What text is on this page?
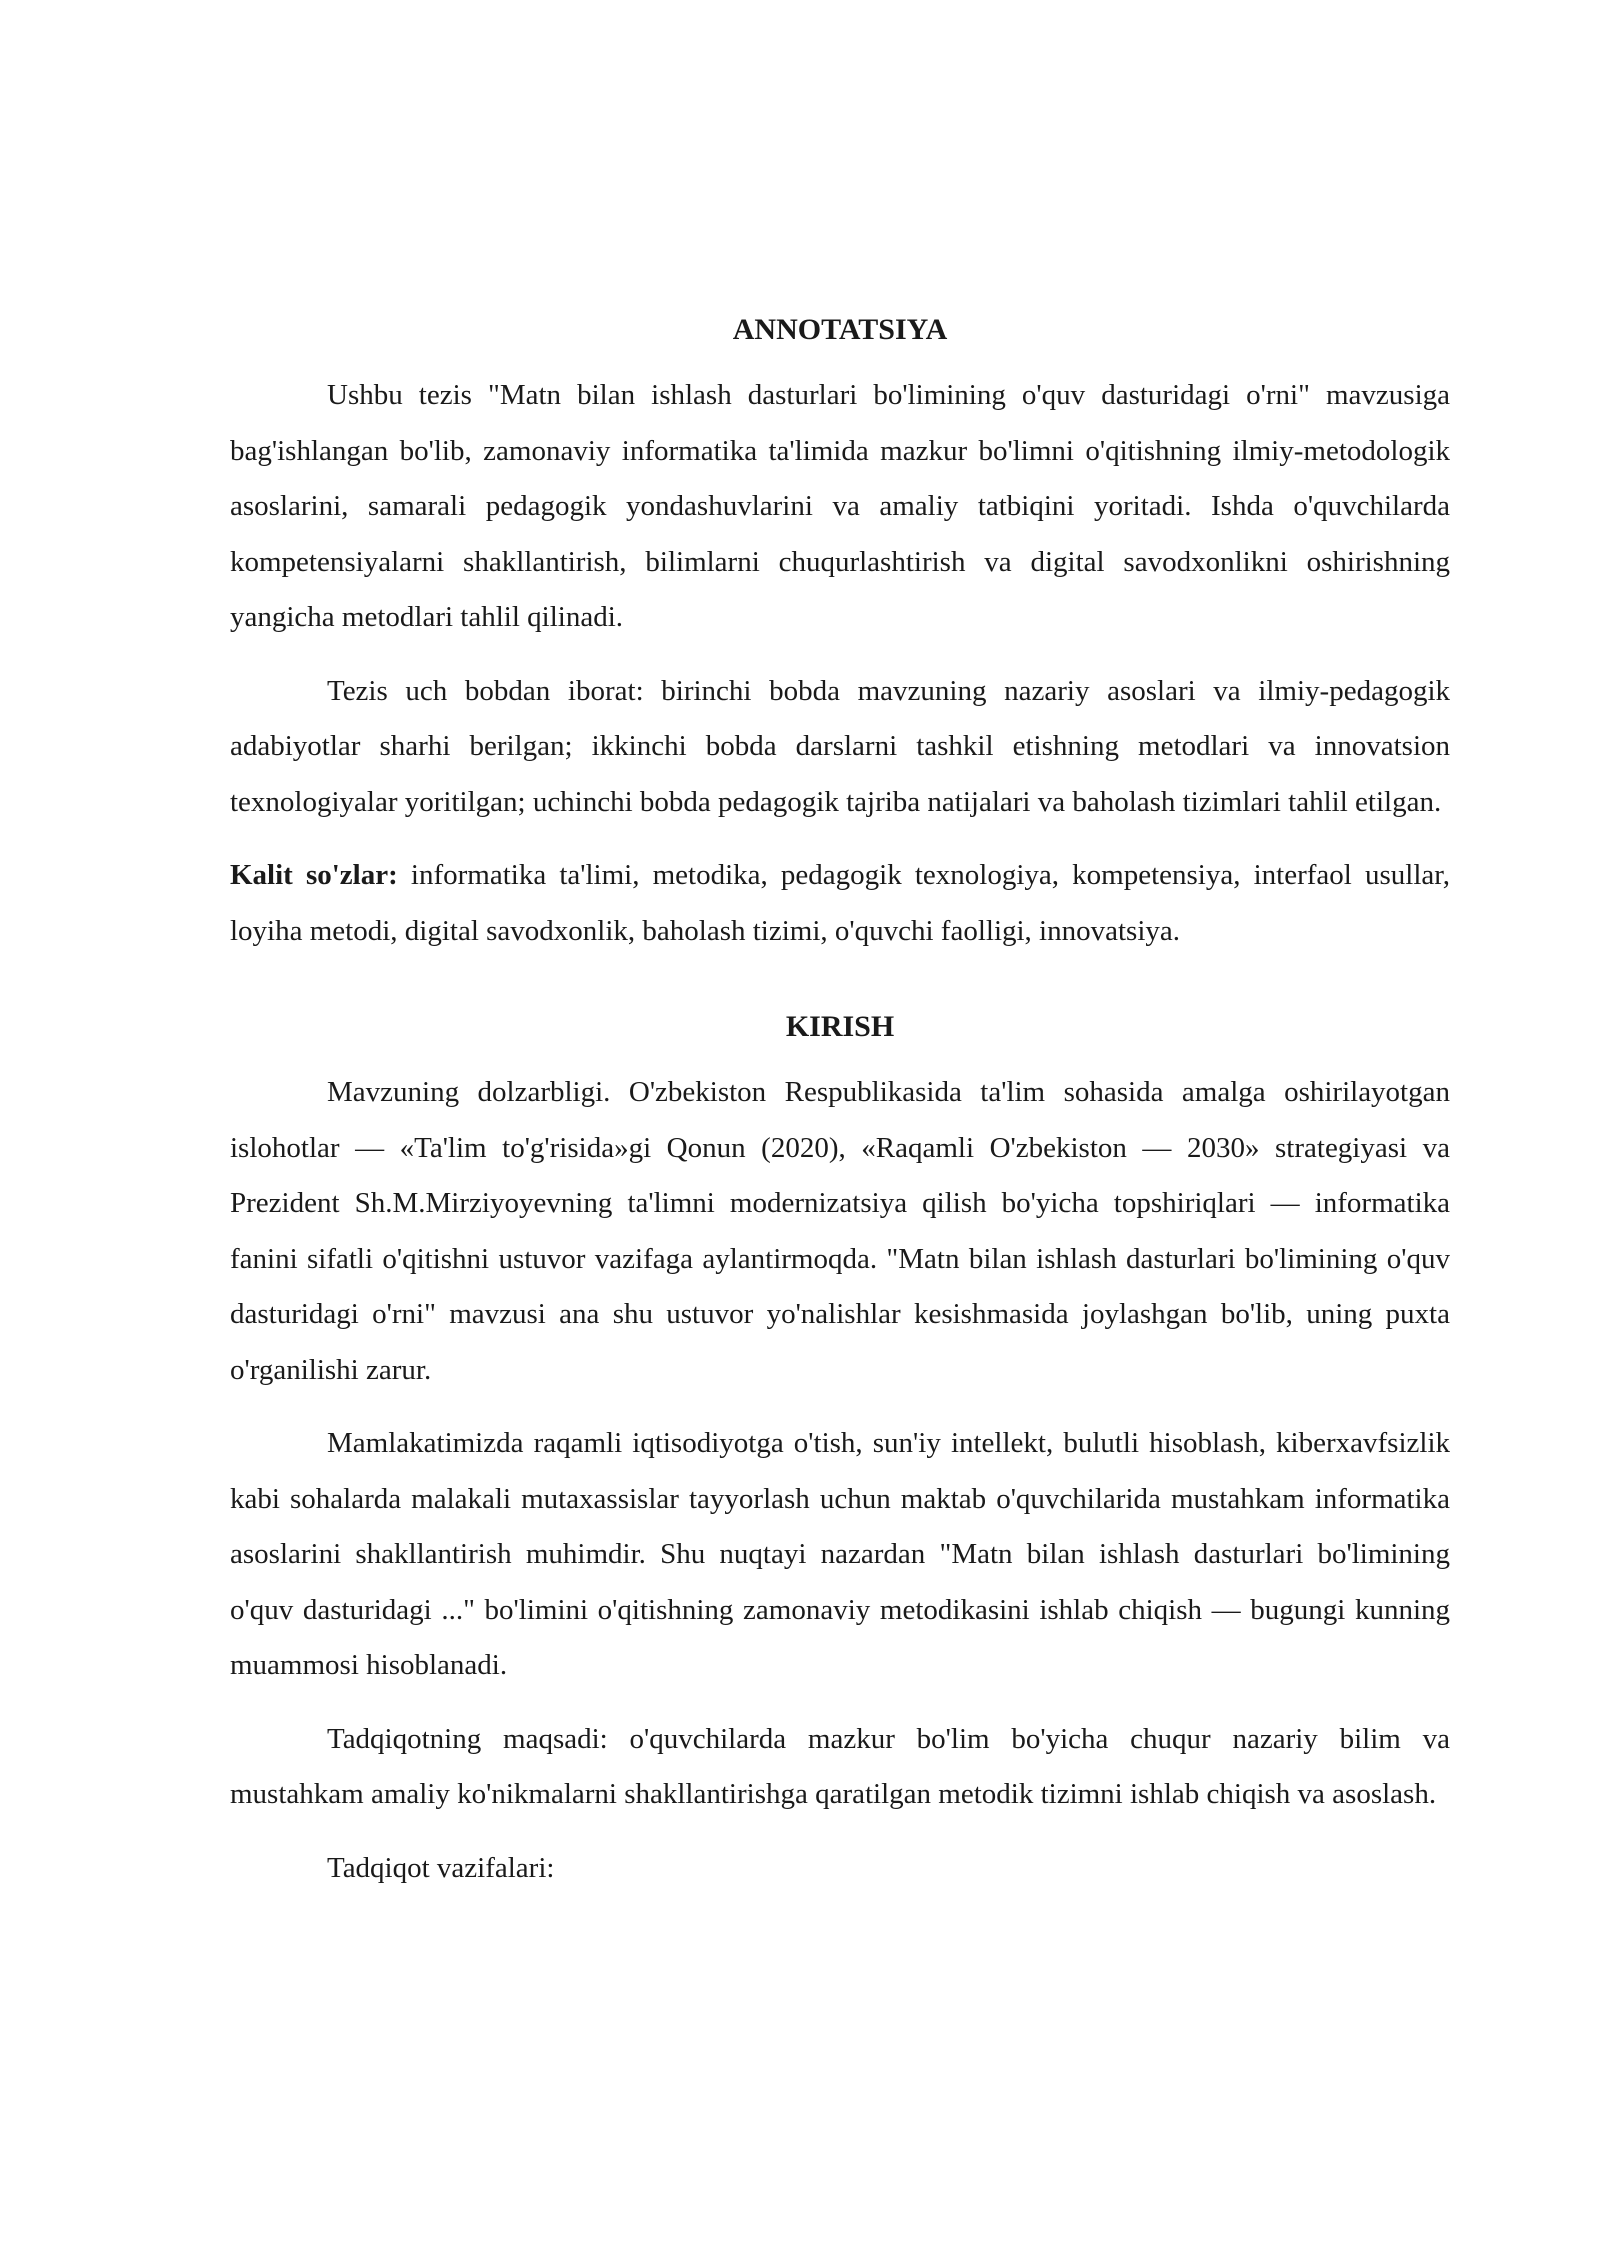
ANNOTATSIYA

Ushbu tezis "Matn bilan ishlash dasturlari bo'limining o'quv dasturidagi o'rni" mavzusiga bag'ishlangan bo'lib, zamonaviy informatika ta'limida mazkur bo'limni o'qitishning ilmiy-metodologik asoslarini, samarali pedagogik yondashuvlarini va amaliy tatbiqini yoritadi. Ishda o'quvchilarda kompetensiyalarni shakllantirish, bilimlarni chuqurlashtirish va digital savodxonlikni oshirishning yangicha metodlari tahlil qilinadi.

Tezis uch bobdan iborat: birinchi bobda mavzuning nazariy asoslari va ilmiy-pedagogik adabiyotlar sharhi berilgan; ikkinchi bobda darslarni tashkil etishning metodlari va innovatsion texnologiyalar yoritilgan; uchinchi bobda pedagogik tajriba natijalari va baholash tizimlari tahlil etilgan.

Kalit so'zlar: informatika ta'limi, metodika, pedagogik texnologiya, kompetensiya, interfaol usullar, loyiha metodi, digital savodxonlik, baholash tizimi, o'quvchi faolligi, innovatsiya.

KIRISH

Mavzuning dolzarbligi. O'zbekiston Respublikasida ta'lim sohasida amalga oshirilayotgan islohotlar — «Ta'lim to'g'risida»gi Qonun (2020), «Raqamli O'zbekiston — 2030» strategiyasi va Prezident Sh.M.Mirziyoyevning ta'limni modernizatsiya qilish bo'yicha topshiriqlari — informatika fanini sifatli o'qitishni ustuvor vazifaga aylantirmoqda. "Matn bilan ishlash dasturlari bo'limining o'quv dasturidagi o'rni" mavzusi ana shu ustuvor yo'nalishlar kesishmasida joylashgan bo'lib, uning puxta o'rganilishi zarur.

Mamlakatimizda raqamli iqtisodiyotga o'tish, sun'iy intellekt, bulutli hisoblash, kiberxavfsizlik kabi sohalarda malakali mutaxassislar tayyorlash uchun maktab o'quvchilarida mustahkam informatika asoslarini shakllantirish muhimdir. Shu nuqtayi nazardan "Matn bilan ishlash dasturlari bo'limining o'quv dasturidagi ..." bo'limini o'qitishning zamonaviy metodikasini ishlab chiqish — bugungi kunning muammosi hisoblanadi.

Tadqiqotning maqsadi: o'quvchilarda mazkur bo'lim bo'yicha chuqur nazariy bilim va mustahkam amaliy ko'nikmalarni shakllantirishga qaratilgan metodik tizimni ishlab chiqish va asoslash.

Tadqiqot vazifalari:
